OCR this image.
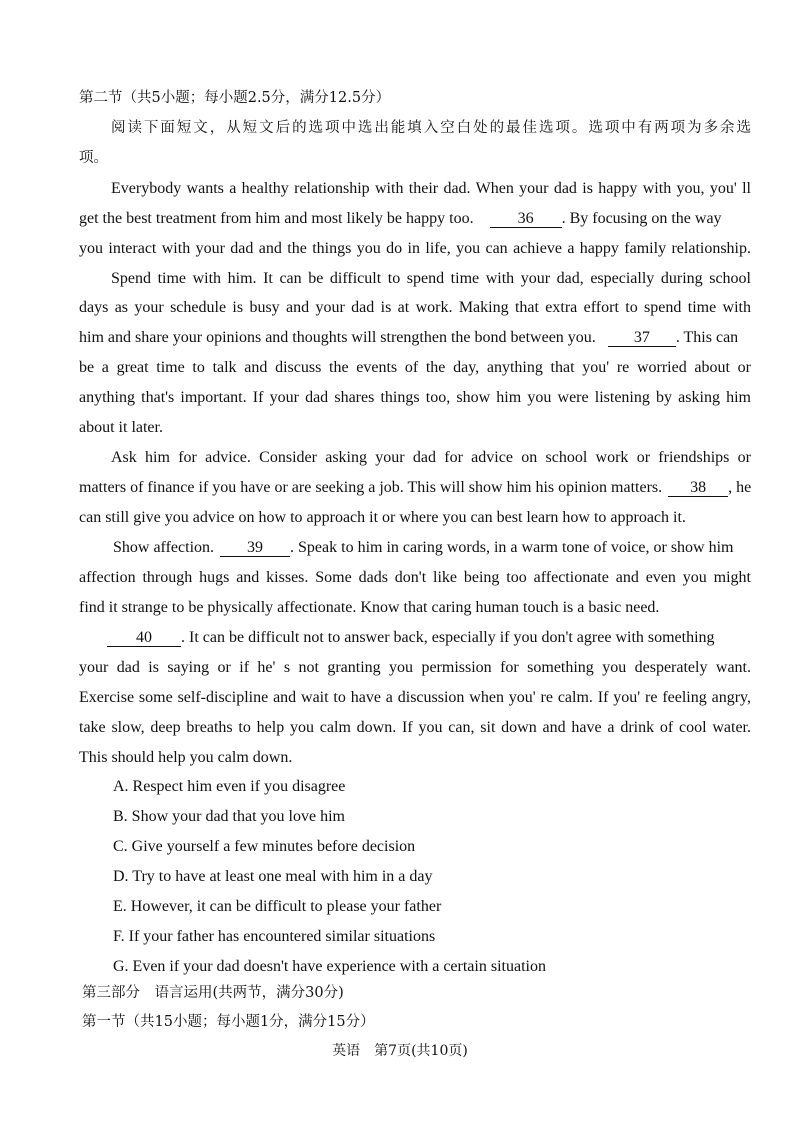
第二节（共5小题；每小题2.5分，满分12.5分）
阅读下面短文，从短文后的选项中选出能填入空白处的最佳选项。选项中有两项为多余选
项。
Everybody wants a healthy relationship with their dad. When your dad is happy with you, you' ll
get the best treatment from him and most likely be happy too.	36 . By focusing on the way
you interact with your dad and the things you do in life, you can achieve a happy family relationship.
Spend time with him. It can be difficult to spend time with your dad, especially during school
days as your schedule is busy and your dad is at work. Making that extra effort to spend time with
him and share your opinions and thoughts will strengthen the bond between you. 37 . This can
be a great time to talk and discuss the events of the day, anything that you' re worried about or
anything that's important. If your dad shares things too, show him you were listening by asking him
about it later.
Ask him for advice. Consider asking your dad for advice on school work or friendships or
matters of finance if you have or are seeking a job. This will show him his opinion matters. 38 , he
can still give you advice on how to approach it or where you can best learn how to approach it.
Show affection. 39 . Speak to him in caring words, in a warm tone of voice, or show him
affection through hugs and kisses. Some dads don't like being too affectionate and even you might
find it strange to be physically affectionate. Know that caring human touch is a basic need.
40 . It can be difficult not to answer back, especially if you don't agree with something
your dad is saying or if he' s not granting you permission for something you desperately want.
Exercise some self-discipline and wait to have a discussion when you' re calm. If you' re feeling angry,
take slow, deep breaths to help you calm down. If you can, sit down and have a drink of cool water.
This should help you calm down.
A. Respect him even if you disagree
B. Show your dad that you love him
C. Give yourself a few minutes before decision
D. Try to have at least one meal with him in a day
E. However, it can be difficult to please your father
F. If your father has encountered similar situations
G. Even if your dad doesn't have experience with a certain situation
第三部分　语言运用(共两节，满分30分)
第一节（共15小题；每小题1分，满分15分）
英语　第7页(共10页)
